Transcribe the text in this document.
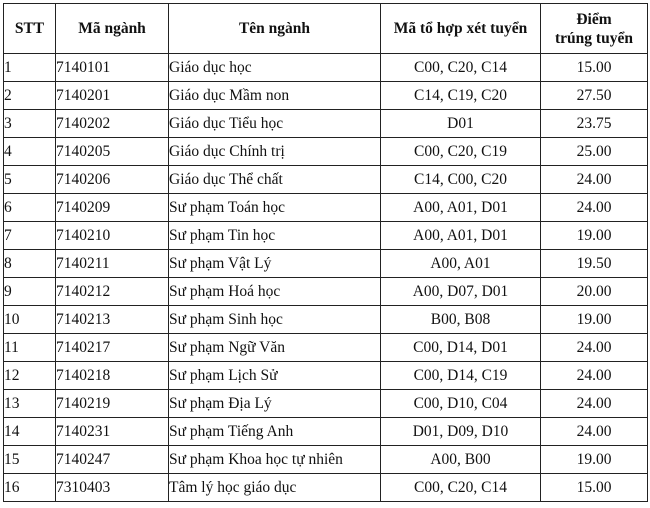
STT	Mã ngành	Tên ngành	Mã tổ hợp xét tuyển	Điểm
trúng tuyển

1	7140101	Giáo dục học	C00, C20, C14	15.00
2	7140201	Giáo dục Mầm non	C14, C19, C20	27.50
3	7140202	Giáo dục Tiểu học	D01	23.75
4	7140205	Giáo dục Chính trị	C00, C20, C19	25.00
5	7140206	Giáo dục Thể chất	C14, C00, C20	24.00
6	7140209	Sư phạm Toán học	A00, A01, D01	24.00
7	7140210	Sư phạm Tin học	A00, A01, D01	19.00
8	7140211	Sư phạm Vật Lý	A00, A01	19.50
9	7140212	Sư phạm Hoá học	A00, D07, D01	20.00
10	7140213	Sư phạm Sinh học	B00, B08	19.00
11	7140217	Sư phạm Ngữ Văn	C00, D14, D01	24.00
12	7140218	Sư phạm Lịch Sử	C00, D14, C19	24.00
13	7140219	Sư phạm Địa Lý	C00, D10, C04	24.00
14	7140231	Sư phạm Tiếng Anh	D01, D09, D10	24.00
15	7140247	Sư phạm Khoa học tự nhiên	A00, B00	19.00
16	7310403	Tâm lý học giáo dục	C00, C20, C14	15.00
